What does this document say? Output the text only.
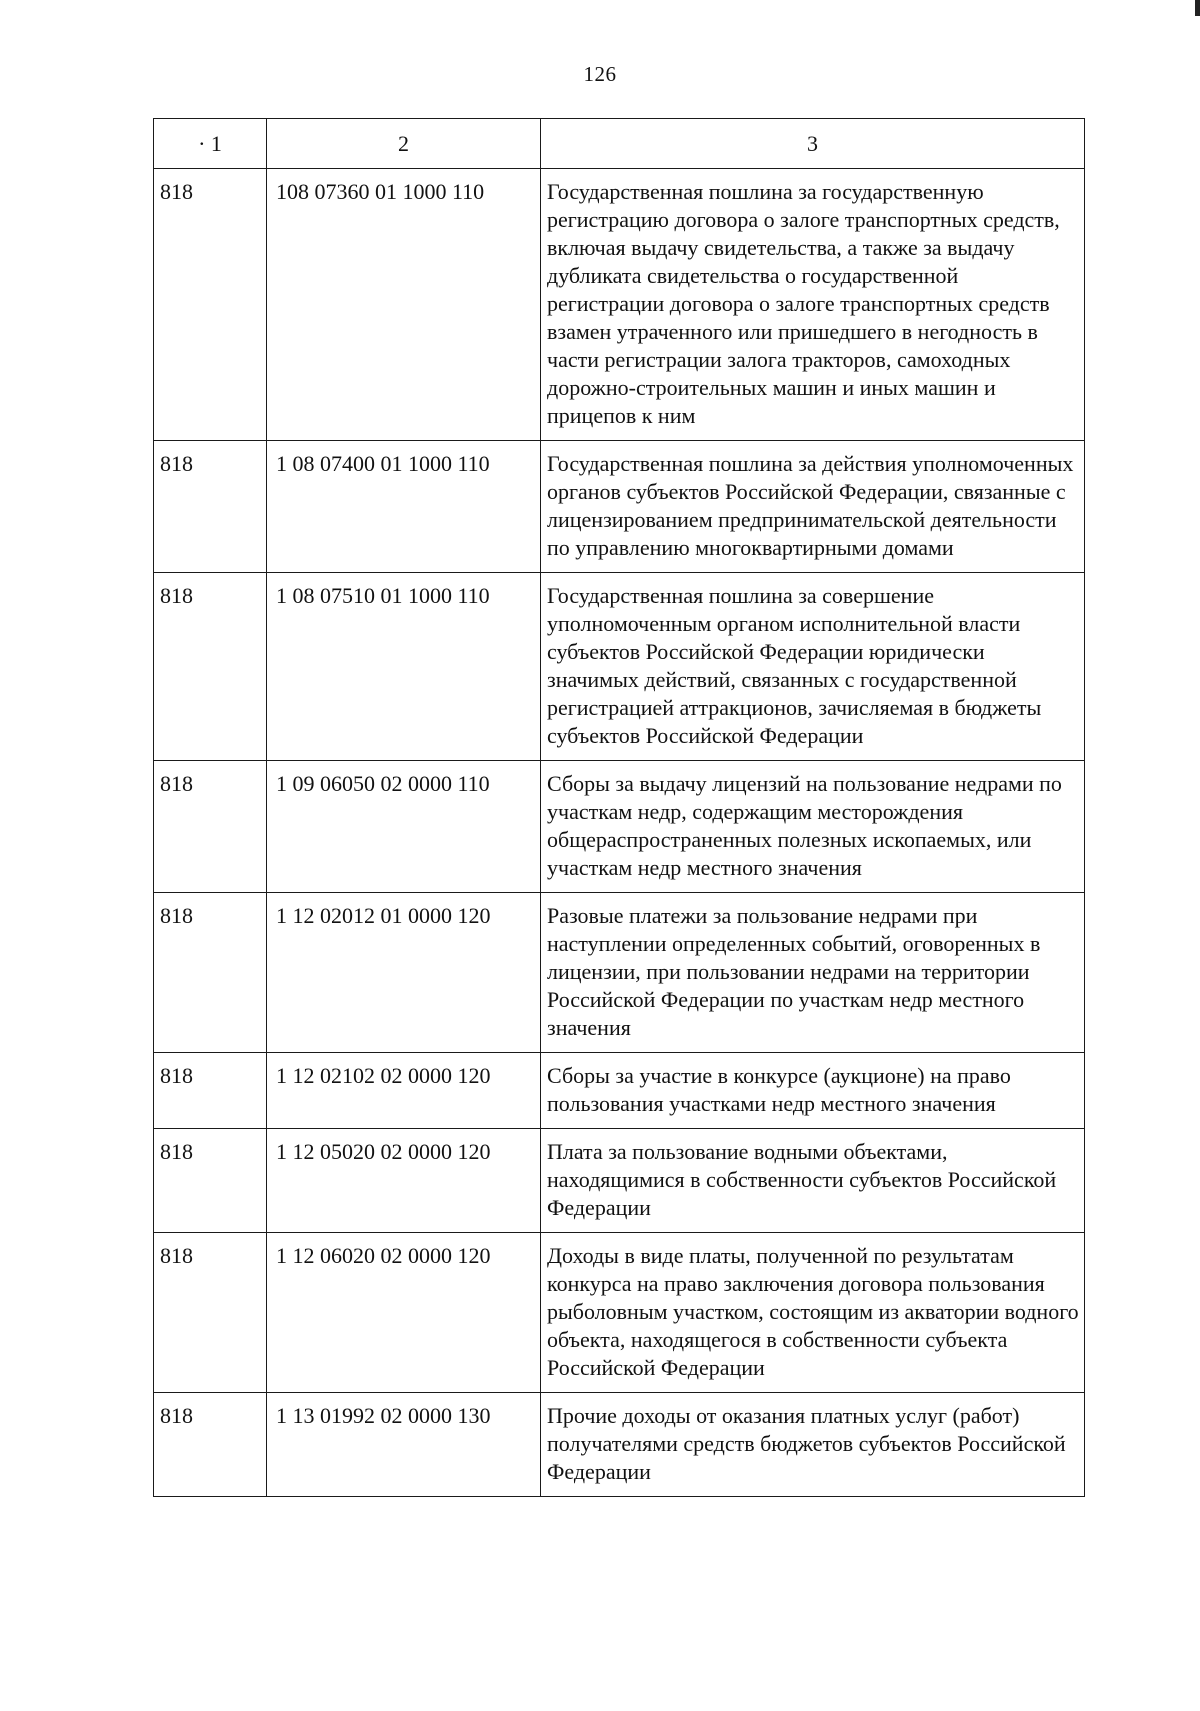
126
· 1	2	3
818	108 07360 01 1000 110	Государственная пошлина за государственную регистрацию договора о залоге транспортных средств, включая выдачу свидетельства, а также за выдачу дубликата свидетельства о государственной регистрации договора о залоге транспортных средств взамен утраченного или пришедшего в негодность в части регистрации залога тракторов, самоходных дорожно-строительных машин и иных машин и прицепов к ним
818	1 08 07400 01 1000 110	Государственная пошлина за действия уполномоченных органов субъектов Российской Федерации, связанные с лицензированием предпринимательской деятельности по управлению многоквартирными домами
818	1 08 07510 01 1000 110	Государственная пошлина за совершение уполномоченным органом исполнительной власти субъектов Российской Федерации юридически значимых действий, связанных с государственной регистрацией аттракционов, зачисляемая в бюджеты субъектов Российской Федерации
818	1 09 06050 02 0000 110	Сборы за выдачу лицензий на пользование недрами по участкам недр, содержащим месторождения общераспространенных полезных ископаемых, или участкам недр местного значения
818	1 12 02012 01 0000 120	Разовые платежи за пользование недрами при наступлении определенных событий, оговоренных в лицензии, при пользовании недрами на территории Российской Федерации по участкам недр местного значения
818	1 12 02102 02 0000 120	Сборы за участие в конкурсе (аукционе) на право пользования участками недр местного значения
818	1 12 05020 02 0000 120	Плата за пользование водными объектами, находящимися в собственности субъектов Российской Федерации
818	1 12 06020 02 0000 120	Доходы в виде платы, полученной по результатам конкурса на право заключения договора пользования рыболовным участком, состоящим из акватории водного объекта, находящегося в собственности субъекта Российской Федерации
818	1 13 01992 02 0000 130	Прочие доходы от оказания платных услуг (работ) получателями средств бюджетов субъектов Российской Федерации
